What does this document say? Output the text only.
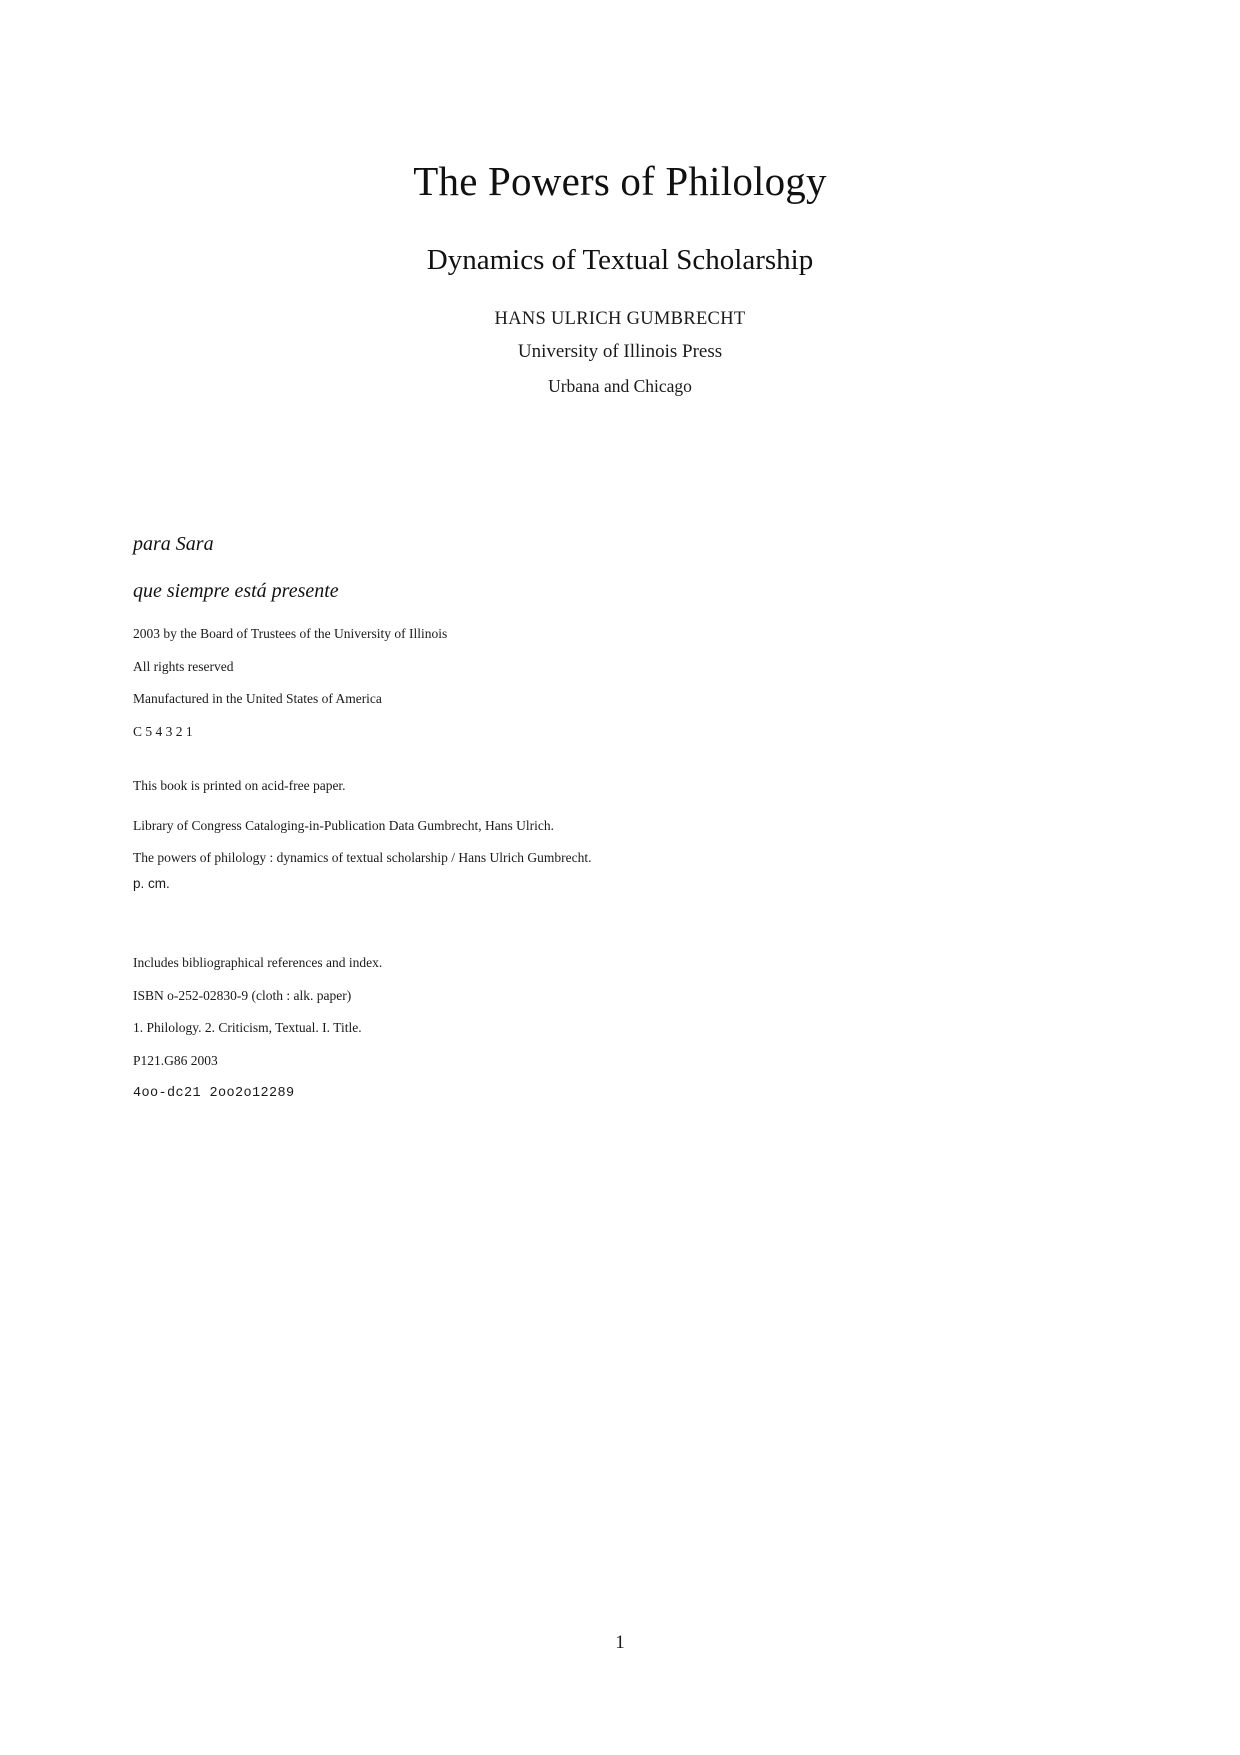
The Powers of Philology
Dynamics of Textual Scholarship

HANS ULRICH GUMBRECHT

University of Illinois Press

Urbana and Chicago

para Sara

que siempre está presente

2003 by the Board of Trustees of the University of Illinois

All rights reserved

Manufactured in the United States of America

C 5 4 3 2 1

This book is printed on acid-free paper.

Library of Congress Cataloging-in-Publication Data Gumbrecht, Hans Ulrich.

The powers of philology : dynamics of textual scholarship / Hans Ulrich Gumbrecht.

p. cm.

Includes bibliographical references and index.

ISBN o-252-02830-9 (cloth : alk. paper)

1. Philology. 2. Criticism, Textual. I. Title.

P121.G86 2003

4oo-dc21 2oo2o12289

1
